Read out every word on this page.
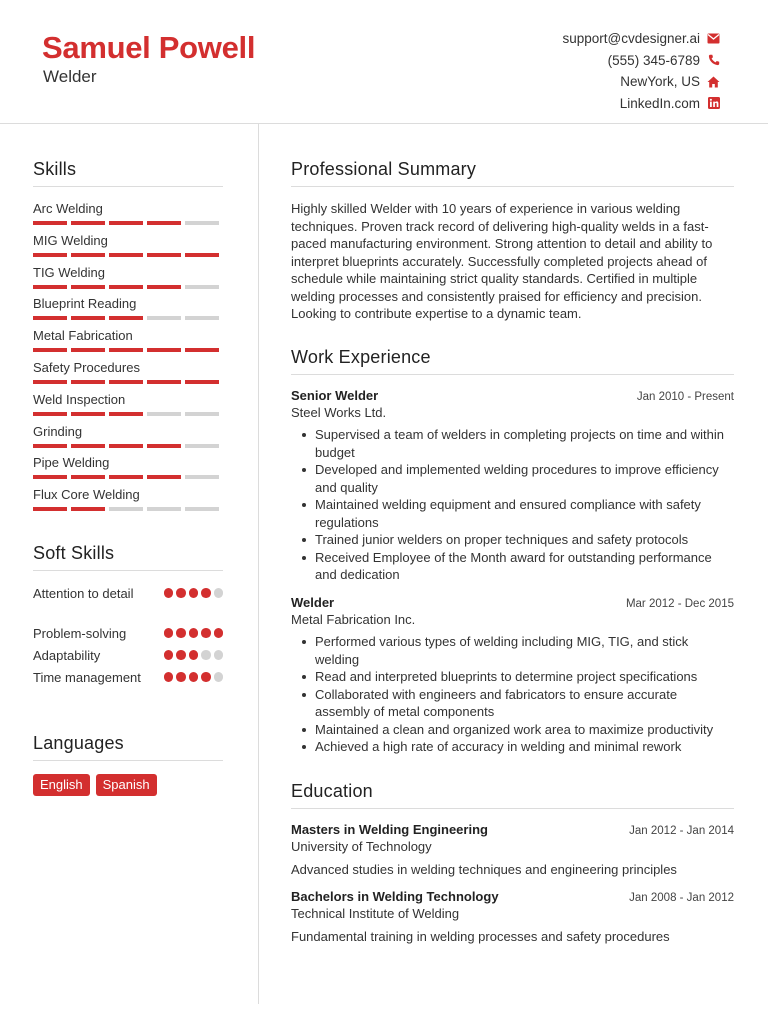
Samuel Powell
Welder
support@cvdesigner.ai
(555) 345-6789
NewYork, US
LinkedIn.com
Skills
Arc Welding
MIG Welding
TIG Welding
Blueprint Reading
Metal Fabrication
Safety Procedures
Weld Inspection
Grinding
Pipe Welding
Flux Core Welding
Soft Skills
Attention to detail
Problem-solving
Adaptability
Time management
Languages
English	Spanish
Professional Summary
Highly skilled Welder with 10 years of experience in various welding techniques. Proven track record of delivering high-quality welds in a fast-paced manufacturing environment. Strong attention to detail and ability to interpret blueprints accurately. Successfully completed projects ahead of schedule while maintaining strict quality standards. Certified in multiple welding processes and consistently praised for efficiency and precision. Looking to contribute expertise to a dynamic team.
Work Experience
Senior Welder	Jan 2010 - Present
Steel Works Ltd.
Supervised a team of welders in completing projects on time and within budget
Developed and implemented welding procedures to improve efficiency and quality
Maintained welding equipment and ensured compliance with safety regulations
Trained junior welders on proper techniques and safety protocols
Received Employee of the Month award for outstanding performance and dedication
Welder	Mar 2012 - Dec 2015
Metal Fabrication Inc.
Performed various types of welding including MIG, TIG, and stick welding
Read and interpreted blueprints to determine project specifications
Collaborated with engineers and fabricators to ensure accurate assembly of metal components
Maintained a clean and organized work area to maximize productivity
Achieved a high rate of accuracy in welding and minimal rework
Education
Masters in Welding Engineering	Jan 2012 - Jan 2014
University of Technology
Advanced studies in welding techniques and engineering principles
Bachelors in Welding Technology	Jan 2008 - Jan 2012
Technical Institute of Welding
Fundamental training in welding processes and safety procedures
